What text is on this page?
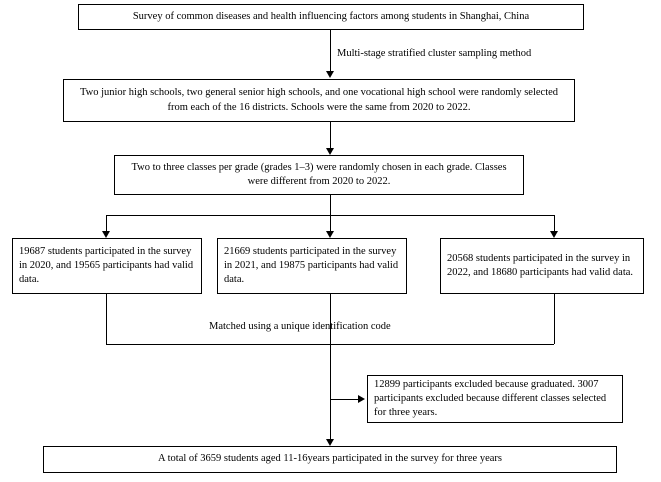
Survey of common diseases and health influencing factors among students in Shanghai, China
Multi-stage stratified cluster sampling method
Two junior high schools, two general senior high schools, and one vocational high school were randomly selected from each of the 16 districts. Schools were the same from 2020 to 2022.
Two to three classes per grade (grades 1–3) were randomly chosen in each grade. Classes were different from 2020 to 2022.
19687 students participated in the survey in 2020, and 19565 participants had valid data.
21669 students participated in the survey in 2021, and 19875 participants had valid data.
20568 students participated in the survey in 2022, and 18680 participants had valid data.
Matched using a unique identification code
12899 participants excluded because graduated. 3007 participants excluded because different classes selected for three years.
A total of 3659 students aged 11-16years participated in the survey for three years
